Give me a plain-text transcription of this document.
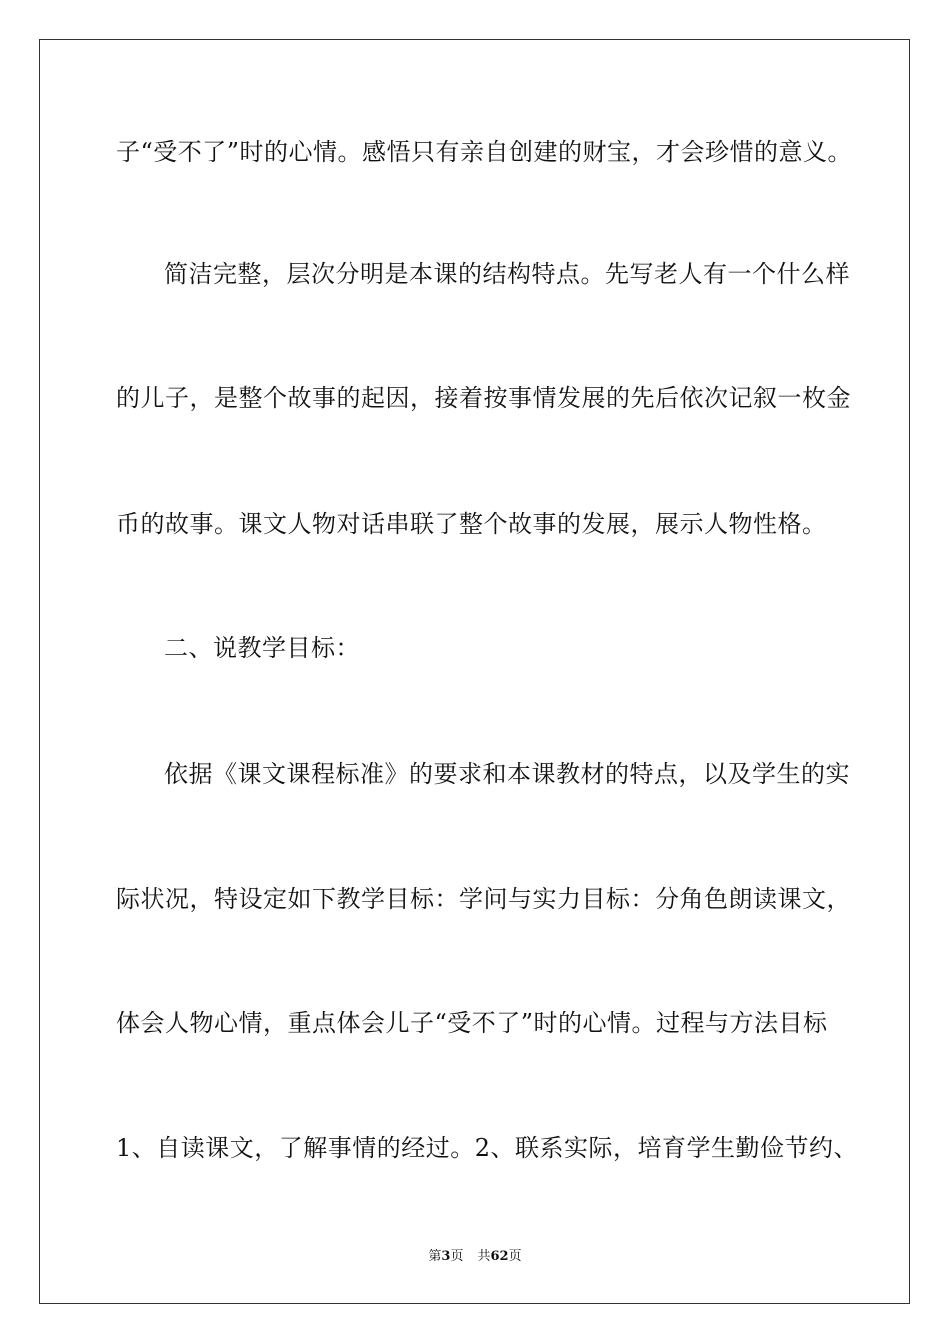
子“受不了”时的心情。感悟只有亲自创建的财宝，才会珍惜的意义。
简洁完整，层次分明是本课的结构特点。先写老人有一个什么样
的儿子，是整个故事的起因，接着按事情发展的先后依次记叙一枚金
币的故事。课文人物对话串联了整个故事的发展，展示人物性格。
二、说教学目标：
依据《课文课程标准》的要求和本课教材的特点，以及学生的实
际状况，特设定如下教学目标：学问与实力目标：分角色朗读课文，
体会人物心情，重点体会儿子“受不了”时的心情。过程与方法目标
1、自读课文，了解事情的经过。2、联系实际，培育学生勤俭节约、
第3页 共62页
